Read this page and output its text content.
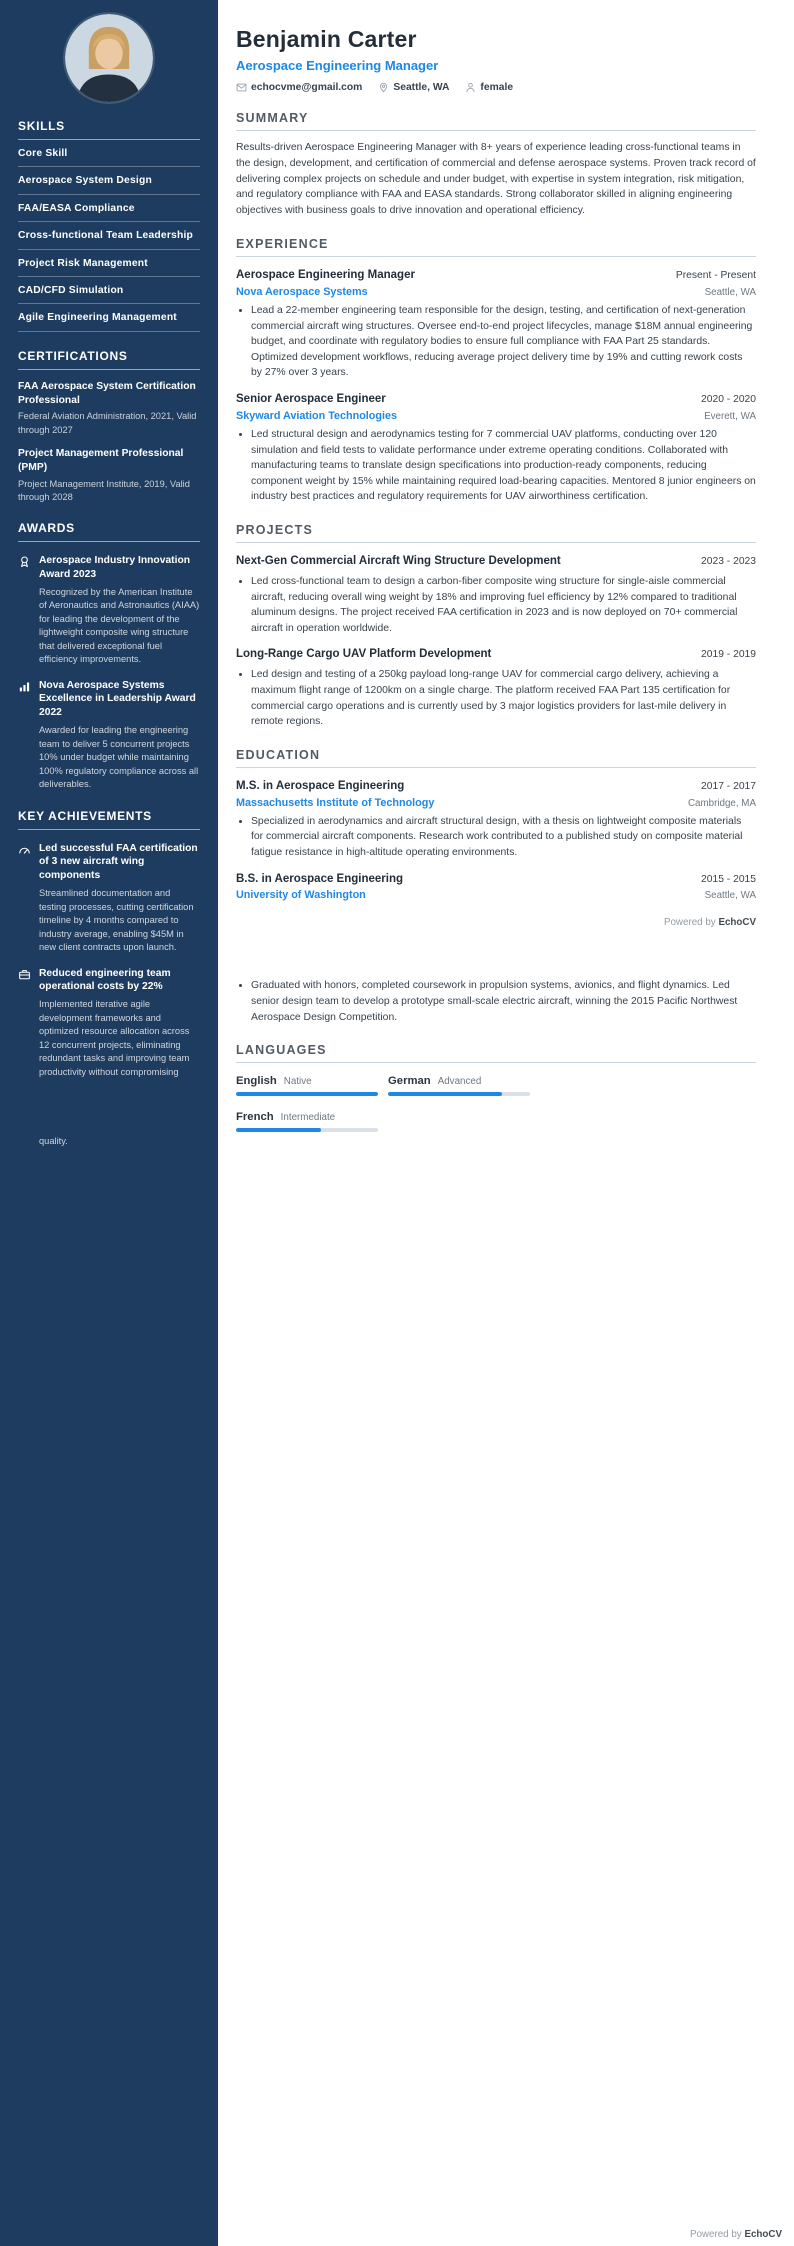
SKILLS
Core Skill
Aerospace System Design
FAA/EASA Compliance
Cross-functional Team Leadership
Project Risk Management
CAD/CFD Simulation
Agile Engineering Management
CERTIFICATIONS
FAA Aerospace System Certification Professional
Federal Aviation Administration, 2021, Valid through 2027
Project Management Professional (PMP)
Project Management Institute, 2019, Valid through 2028
AWARDS
Aerospace Industry Innovation Award 2023
Recognized by the American Institute of Aeronautics and Astronautics (AIAA) for leading the development of the lightweight composite wing structure that delivered exceptional fuel efficiency improvements.
Nova Aerospace Systems Excellence in Leadership Award 2022
Awarded for leading the engineering team to deliver 5 concurrent projects 10% under budget while maintaining 100% regulatory compliance across all deliverables.
KEY ACHIEVEMENTS
Led successful FAA certification of 3 new aircraft wing components
Streamlined documentation and testing processes, cutting certification timeline by 4 months compared to industry average, enabling $45M in new client contracts upon launch.
Reduced engineering team operational costs by 22%
Implemented iterative agile development frameworks and optimized resource allocation across 12 concurrent projects, eliminating redundant tasks and improving team productivity without compromising
quality.
Benjamin Carter
Aerospace Engineering Manager
echocvme@gmail.com	Seattle, WA	female
SUMMARY

Results-driven Aerospace Engineering Manager with 8+ years of experience leading cross-functional teams in the design, development, and certification of commercial and defense aerospace systems. Proven track record of delivering complex projects on schedule and under budget, with expertise in system integration, risk mitigation, and regulatory compliance with FAA and EASA standards. Strong collaborator skilled in aligning engineering objectives with business goals to drive innovation and operational efficiency.

EXPERIENCE
Aerospace Engineering Manager	Present - Present
Nova Aerospace Systems	Seattle, WA
• Lead a 22-member engineering team responsible for the design, testing, and certification of next-generation commercial aircraft wing structures. Oversee end-to-end project lifecycles, manage $18M annual engineering budget, and coordinate with regulatory bodies to ensure full compliance with FAA Part 25 standards. Optimized development workflows, reducing average project delivery time by 19% and cutting rework costs by 27% over 3 years.
Senior Aerospace Engineer	2020 - 2020
Skyward Aviation Technologies	Everett, WA
• Led structural design and aerodynamics testing for 7 commercial UAV platforms, conducting over 120 simulation and field tests to validate performance under extreme operating conditions. Collaborated with manufacturing teams to translate design specifications into production-ready components, reducing component weight by 15% while maintaining required load-bearing capacities. Mentored 8 junior engineers on industry best practices and regulatory requirements for UAV airworthiness certification.
PROJECTS
Next-Gen Commercial Aircraft Wing Structure Development	2023 - 2023
• Led cross-functional team to design a carbon-fiber composite wing structure for single-aisle commercial aircraft, reducing overall wing weight by 18% and improving fuel efficiency by 12% compared to traditional aluminum designs. The project received FAA certification in 2023 and is now deployed on 70+ commercial aircraft in operation worldwide.
Long-Range Cargo UAV Platform Development	2019 - 2019
• Led design and testing of a 250kg payload long-range UAV for commercial cargo delivery, achieving a maximum flight range of 1200km on a single charge. The platform received FAA Part 135 certification for commercial cargo operations and is currently used by 3 major logistics providers for last-mile delivery in remote regions.
EDUCATION
M.S. in Aerospace Engineering	2017 - 2017
Massachusetts Institute of Technology	Cambridge, MA
• Specialized in aerodynamics and aircraft structural design, with a thesis on lightweight composite materials for commercial aircraft components. Research work contributed to a published study on composite material fatigue resistance in high-altitude operating environments.
B.S. in Aerospace Engineering	2015 - 2015
University of Washington	Seattle, WA
Powered by EchoCV
• Graduated with honors, completed coursework in propulsion systems, avionics, and flight dynamics. Led senior design team to develop a prototype small-scale electric aircraft, winning the 2015 Pacific Northwest Aerospace Design Competition.
LANGUAGES
English Native	German Advanced
French Intermediate
Powered by EchoCV
